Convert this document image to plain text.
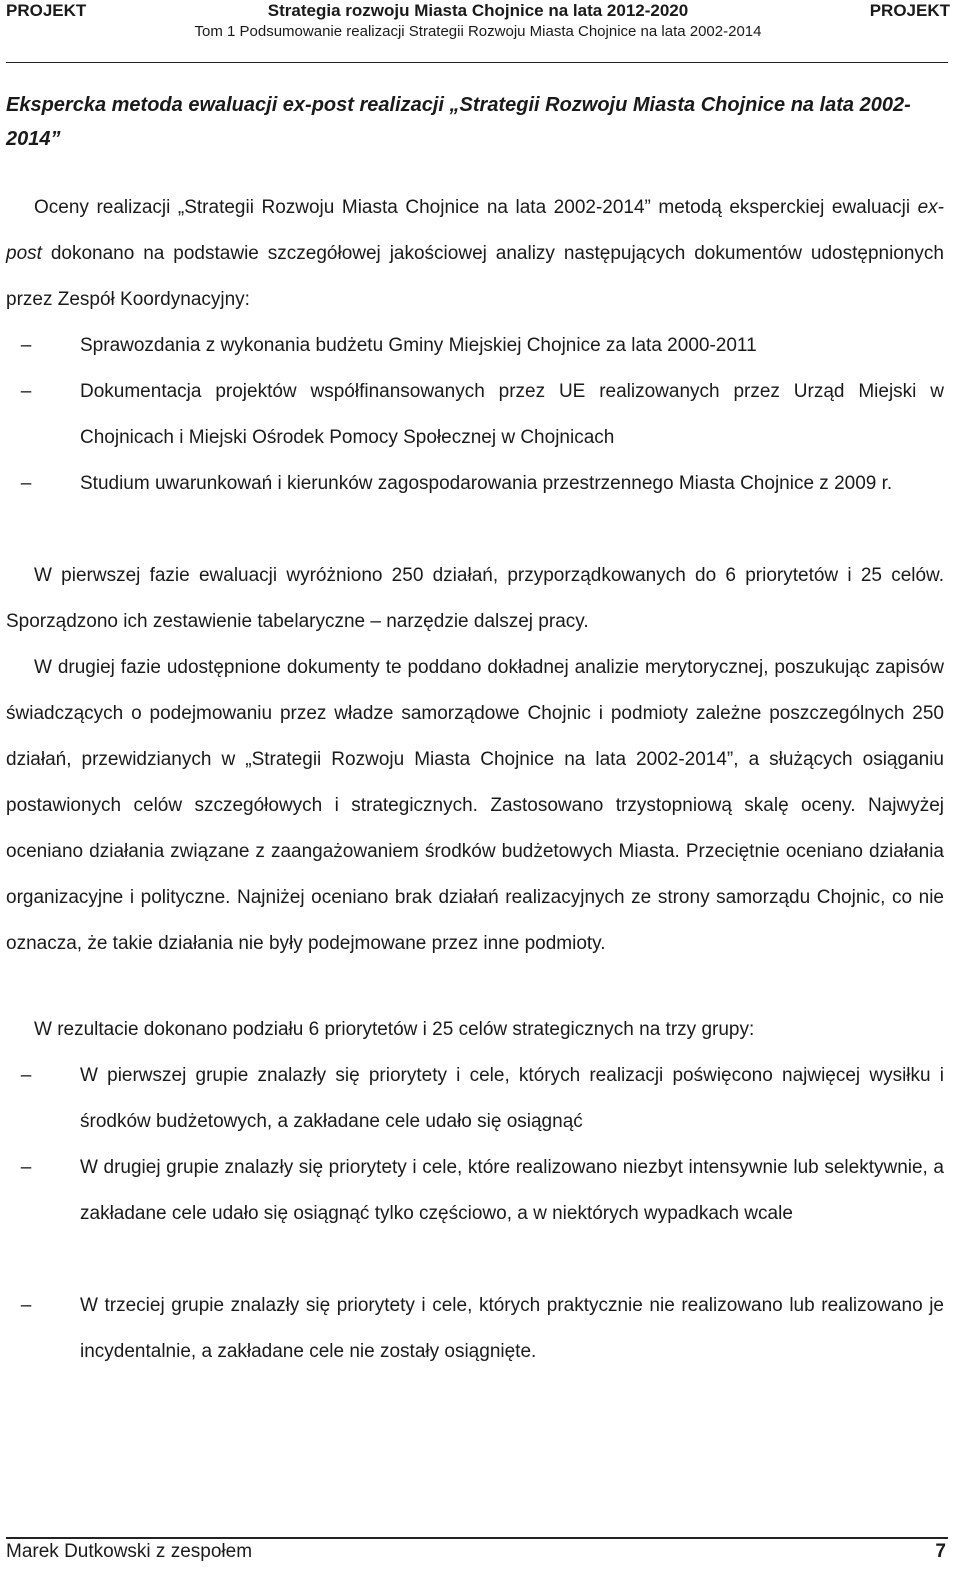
PROJEKT	Strategia rozwoju Miasta Chojnice na lata 2012-2020	PROJEKT
Tom 1 Podsumowanie realizacji Strategii Rozwoju Miasta Chojnice na lata 2002-2014
Ekspercka metoda ewaluacji ex-post realizacji „Strategii Rozwoju Miasta Chojnice na lata 2002-2014”
Oceny realizacji „Strategii Rozwoju Miasta Chojnice na lata 2002-2014” metodą eksperckiej ewaluacji ex-post dokonano na podstawie szczegółowej jakościowej analizy następujących dokumentów udostępnionych przez Zespół Koordynacyjny:
–	Sprawozdania z wykonania budżetu Gminy Miejskiej Chojnice za lata 2000-2011
–	Dokumentacja projektów współfinansowanych przez UE realizowanych przez Urząd Miejski w Chojnicach i Miejski Ośrodek Pomocy Społecznej w Chojnicach
–	Studium uwarunkowań i kierunków zagospodarowania przestrzennego Miasta Chojnice z 2009 r.
W pierwszej fazie ewaluacji wyróżniono 250 działań, przyporządkowanych do 6 priorytetów i 25 celów. Sporządzono ich zestawienie tabelaryczne – narzędzie dalszej pracy.
W drugiej fazie udostępnione dokumenty te poddano dokładnej analizie merytorycznej, poszukując zapisów świadczących o podejmowaniu przez władze samorządowe Chojnic i podmioty zależne poszczególnych 250 działań, przewidzianych w „Strategii Rozwoju Miasta Chojnice na lata 2002-2014”, a służących osiąganiu postawionych celów szczegółowych i strategicznych. Zastosowano trzystopniową skalę oceny. Najwyżej oceniano działania związane z zaangażowaniem środków budżetowych Miasta. Przeciętnie oceniano działania organizacyjne i polityczne. Najniżej oceniano brak działań realizacyjnych ze strony samorządu Chojnic, co nie oznacza, że takie działania nie były podejmowane przez inne podmioty.
W rezultacie dokonano podziału 6 priorytetów i 25 celów strategicznych na trzy grupy:
–	W pierwszej grupie znalazły się priorytety i cele, których realizacji poświęcono najwięcej wysiłku i środków budżetowych, a zakładane cele udało się osiągnąć
–	W drugiej grupie znalazły się priorytety i cele, które realizowano niezbyt intensywnie lub selektywnie, a zakładane cele udało się osiągnąć tylko częściowo, a w niektórych wypadkach wcale
–	W trzeciej grupie znalazły się priorytety i cele, których praktycznie nie realizowano lub realizowano je incydentalnie, a zakładane cele nie zostały osiągnięte.
Marek Dutkowski z zespołem	7
